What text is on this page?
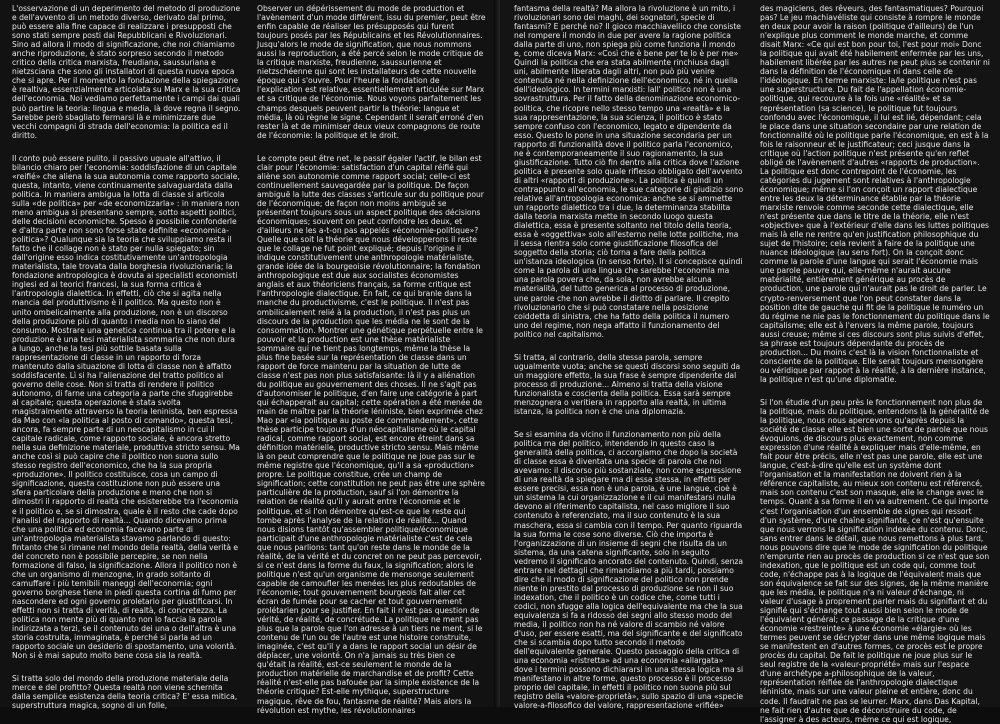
L'osservazione di un deperimento del metodo di produzione e dell'avvento di un metodo diverso, derivato dal primo, può essere alla fine capace di realizzare i presupposti che sono stati sempre posti dai Repubblicani e Rivoluzionari. Sino ad allora il modo di significazione, che noi chiamiamo anche riproduzione, è stato sorpreso secondo il metodo critico della critica marxista, freudiana, saussuriana e nietzsciana che sono gli installatori di questa nuova epoca che si apre. Per il momento la fondazione della spiegazione è realtiva, essenzialmente articolata su Marx e la sua critica dell'economia. Noi vediamo perfettamente i campi dai quali può partire la teoria: lingua e media, là dove regna il segno. Sarebbe però sbagliato fermarsi là e minimizzare due vecchi compagni di strada dell'economia: la politica ed il diritto.

Il conto può essere pulito, il passivo uguale all'attivo, il bilancio chiaro per l'economia: soddisfazione di un capitale «reifié» che aliena la sua autonomia come rapporto sociale, questa, intanto, viene continuamente salvaguardata dalla politica. In maniera ambigua la lotta di classe si articola sulla «de politica» per «de economizzarla» : in maniera non meno ambigua si presentano sempre, sotto aspetti politici, delle decisioni economiche. Spesso è possibile confonderle e d'altra parte non sono forse state definite «economica-politica»? Qualunque sia la teoria che sviluppiamo resta il fatto che il collage non è stato per nulla spiegato; sin dall'origine esso indica costitutivamente un'antropologia materialista, tale trovata dalla borghesia rivoluzionaria; la fondazione antropologica è dovuta ai specialisti economisti inglesi ed ai teorici francesi, la sua forma critica è l'antropologia dialettica. In effetti, ciò che si agita nella mancia del produttivismo è il politico. Ma questo non è unito ombelicalmente alla produzione, non è un discorso della produzione più di quanto i media non lo siano del consumo. Mostrare una genetica continua tra il potere e la produzione è una tesi materialista sommaria che non dura a lungo, anche la tesi più sottile basata sulla rappresentazione di classe in un rapporto di forza mantenuto dalla situazione di lotta di classe non è affatto soddisfacente. Lì si ha l'alienazione del tratto politico al governo delle cose. Non si tratta di rendere il politico autonomo, di farne una categoria a parte che sfuggirebbe al capitale; questa operazione è stata svolta magistralmente attraverso la teoria leninista, ben espressa da Mao con «la politica al posto di comando», questa tesi, ancora, fa sempre parte di un neocapitalismo in cui il capitale radicale, come rapporto sociale, è ancora stretto nella sua definizione materiale, produttiva stricto sensu. Ma anche così si può capire che il politico non suona sullo stesso registro dell'economico, che ha la sua propria «produzione». Il politico costituisce, cosa un campo di significazione, questa costituzione non può essere una sfera particolare della produzione e meno che non si dimostri il rapporto di realtà che esisterebbe tra l'economia e il politico e, se si dimostra, quale è il resto che cade dopo l'analisi del rapporto di realtà... Quando dicevamo prima che una politica ed economia facevano parte di un'antropologia materialista stavamo parlando di questo: fintanto che si rimane nel mondo della realtà, della verità e del concreto non è possibile percepire, se non nella formazione di falso, la significazione. Allora il politico non è che un organismo di menzogne, in grado soltanto di camuffare i più temibili maneggi dell'economia; ogni governo borghese tiene in piedi questa cortina di fumo per nascondere ed ogni governo proletario per giustificarsi. In effetti non si tratta di verità, di realtà, di concretezza. La politica non mente più di quanto non lo faccia la parola indirizzata a terzi, se il contenuto dei una o dell'altra è una storia costruita, immaginata, è perché si parla ad un rapporto sociale un desiderio di spostamento, una volontà. Non si è mai saputo molto bene cosa sia la realtà.

Si tratta solo del mondo della produzione materiale della merce e del profitto? Questa realtà non viene schernita dalla semplice esistenza della teoria critica? E' essa mitica, superstruttura magica, sogno di un folle,

Observer un dépérissement du mode de production et l'avènement d'un mode différent, issu du premier, peut être enfin capable de réaliser les présupposés qui furent toujours posés par les Républicains et les Révolutionnaires. Jusqu'alors le mode de signification, que nous nommons aussi la reproduction, a été percé selon le mode critique de la critique marxiste, freudienne, saussurienne et nietzschéenne qui sont les installateurs de cette nouvelle époque qui s'ouvre. Pour l'heure la fondation de l'explication est relative, essentiellement articulée sur Marx et sa critique de l'économie. Nous voyons parfaitement les champs desquels peuvent partir la théorie: langue et média, là où règne le signe. Cependant il serait erroné d'en rester là et de minimiser deux vieux compagnons de route de l'économie: la politique et le droit.

Le compte peut être net, le passif égaler l'actif, le bilan est clair pour l'économie: satisfaction d'un capital réifié qui aliène son autonomie comme rapport social; celle-ci est continuellement sauvegardée par la politique. De façon ambiguë la lutte des classes s'articule sur du politique pour de l'économique; de façon non moins ambiguë se présentent toujours sous un aspect politique des décisions économiques; souvent on peut confondre les deux, et d'ailleurs ne les a-t-on pas appelés «économie-politique»? Quelle que soit la théorie que nous développerons il reste que le collage ne fut point expliqué; depuis l'origine il indique constitutivement une anthropologie matérialiste, grande idée de la bourgeoisie révolutionnaire; la fondation anthropologique est due aux socialistes économistes anglais et aux théoriciens français, sa forme critique est l'anthropologie dialectique. En fait, ce qui branle dans la manche du productivisme, c'est le politique. Il n'est pas ombilicalement relié à la production, il n'est pas plus un discours de la production que les média ne le sont de la consommation. Montrer une génétique perpétuelle entre le pouvoir et la production est une thèse matérialiste sommaire qui ne tient pas longtemps, même la thèse la plus fine basée sur la représentation de classe dans un rapport de force maintenu par la situation de lutte de classe n'est pas non plus satisfaisante: là il y a aliénation du politique au gouvernement des choses. Il ne s'agit pas d'autonomiser le politique, d'en faire une catégorie à part qui échapperait au capital; cette opération a été menée de main de maître par la théorie léniniste, bien exprimée chez Mao par «la politique au poste de commandement», cette thèse participe toujours d'un néocapitalisme où le capital radical, comme rapport social, est encore étreint dans sa définition matérielle, productive stricto sensu. Mais même là on peut comprendre que le politique ne joue pas sur le même registre que l'économique, qu'il a sa «production» propre. Le politique constitue, crée un champ de signification; cette constitution ne peut pas être une sphère particulière de la production, sauf si l'on démontre la relation de réalité qu'il y aurait entre l'économie et le politique, et si l'on démontre qu'est-ce que le reste qui tombe après l'analyse de la relation de réalité... Quand nous disions tantôt qu'assembler politique/économique participait d'une anthropologie matérialiste c'est de cela que nous parlions: tant qu'on reste dans le monde de la réalité, de la vérité et du concret on ne peut pas percevoir, si ce n'est dans la forme du faux, la signification; alors le politique n'est qu'un organisme de mensonge seulement capable de camoufler les menées les plus redoutables de l'économie; tout gouvernement bourgeois fait aller cet écran de fumée pour se cacher et tout gouvernement prolétarien pour se justifier. En fait il n'est pas question de vérité, de réalité, de concrétude. La politique ne ment pas plus que la parole que l'on adresse à un tiers ne ment, si le contenu de l'un ou de l'autre est une histoire construite, imaginée, c'est qu'il y a dans le rapport social un désir de déplacer, une volonté. On n'a jamais su très bien ce qu'était la réalité, est-ce seulement le monde de la production matérielle de marchandise et de profit? Cette réalité n'est-elle pas bafouée par la simple existence de la théorie critique? Est-elle mythique, superstructure magique, rêve de fou, fantasme de réalité? Mais alors la révolution est mythe, les révolutionnaires

fantasma della realtà? Ma allora la rivoluzione è un mito, i rivoluzionari sono dei maghi, dei sognatori, specie di fantasmi? E perché no? Il gioco macchiavellico che consiste nel rompere il mondo in due per avere la ragione politica dalla parte di uno, non spiega più come funziona il mondo e, come diceva Marx: «Così che è bene per te lo è per me» Quindi la politica che era stata abilmente rinchiusa dagli uni, abilmente liberata dagli altri, non può più venire contenuta né nella definizione dell'economico, né in quella dell'ideologico. In termini marxisti: lall' politico non è una sovrastruttura. Per il fatto della denominazione economico-politica, che ricopre nello stesso tempo una «realtà» e la sua rappresentazione, la sua scienza, il politico è stato sempre confuso con l'economico, legato e dipendente da esso. Questo lo pone in una situazione secondaria per un rapporto di funzionalità dove il politico parla l'economico, ne è contemporaneamente il suo ragionamento, la sua giustificazione. Tutto ciò fin dentro alla critica dove l'azione politica è presente solo quale riflesso obbligato dell'avvento di altri «rapporti di produzione». La politica è quindi un contrappunto all'economia, le sue categorie di giudizio sono relative all'antropologia economica: anche se si ammette un rapporto dialettico tra i due, la determinanza stabilita dalla teoria marxista mette in secondo luogo questa dialettica, essa è presente soltanto nel titolo della teoria, essa è «oggettiva» solo all'esterno nelle lotte politiche, ma il sessa rientra solo come giustificazione filosofica del soggetto della storia; ciò torna a fare della politica un'istanza ideologica (in senso forte). Il si concepisce quindi come la parola di una lingua che sarebbe l'economia ma una parola povera che, da sola, non avrebbe alcuna materialità, del tutto generica al processo di produzione, une parole che non avrebbe il diritto di parlare. Il crepito rivoluzionario che si può constatare nella posizione coiddetta di sinistra, che ha fatto della politica il numero uno del regime, non nega affatto il funzionamento del politico nel capitalismo.

Si tratta, al contrario, della stessa parola, sempre ugualmente vuota; anche se questi discorsi sono seguiti da un maggiore effetto, la sua frase è sempre dipendente dal processo di produzione... Almeno si tratta della visione funzionalista e coscienta della politica. Essa sarà sempre menzognera o veritiera in rapporto alla realtà, in ultima istanza, la politica non è che una diplomazia.

Se si esamina da vicino il funzionamento non più della politica ma del politico, intendendo in questo caso la generalità della politica, ci accorgiamo che dopo la società di classe essa è diventata una specie di parola che noi avevamo: il discorso più sostanziale, non come espressione di una realtà da spiegare ma di essa stessa, in effetti per essere precisi, essa non è una parola, è une langue, cioè è un sistema la cui organizzazione e il cui manifestarsi nulla devono al riferimento capitalista, nel caso migliore il suo contenuto è referenziato, ma il suo contenuto è la sua maschera, essa si cambia con il tempo. Per quanto riguarda la sua forma le cose sono diverse. Ciò che importa è l'organizzazione di un insieme di segni che risulta da un sistema, da una catena significante, solo in seguito vedremo il significato ancorato del contenuto. Quindi, senza entrare nel dettagli che rimandiamo a più tardi, possiamo dire che il modo di significazione del politico non prende niente in prestito dal processo di produzione se non il suo indexation, che il politico è un codice che, come tutti i codici, non sfugge alla logica dell'equivalente ma che la sua equivalenza si fa a ridosso dei segni allo stesso modo del media, il politico non ha né valore di scambio né valore d'uso, per essere esatti, ma del significante e del significato che si scambia dopo tutto secondo il metodo dell'equivalente generale. Questo passaggio della critica di una economia «ristretta» ad una economia «allargata» dove i termini possono dichiararsi in una stessa logica ma si manifestano in altre forme, questo processo è il processo proprio del capitale, in effetti il politico non suona più sul registro della «valore-proprietà», sullo spazio di una «specie valore-a-filosofico del valore, rappresentazione «rifiée»

des magiciens, des rêveurs, des fantasmatiques? Pourquoi pas? Le jeu machiavéliste qui consiste à rompre le monde en deux pour avoir la raison (politique d'ailleurs) de l'un n'explique plus comment le monde marche, et comme disait Marx: «Ce qui est bon pour toi, l'est pour moi» Donc la politique qui avait été habilement enfermée par les uns, habilement libérée par les autres ne peut plus se contenir ni dans la définition de l'économique ni dans celle de l'idéologique. En terme marxiste: la/le politique n'est pas une superstructure. Du fait de l'appellation économie-politique, qui recouvre à la fois une «réalité» et sa représentation (sa science), le politique fut toujours confondu avec l'économique, il lui est lié, dépendant; cela le place dans une situation secondaire par une relation de fonctionnalité où le politique parle l'économique, en est à la fois le raisonneur et le justificateur; ceci jusque dans la critique où l'action politique n'est présente qu'en reflet obligé de l'avènement d'autres «rapports de production». La politique est donc contrepoint de l'économie, les catégories du jugement sont relatives à l'anthropologie économique; même si l'on conçoit un rapport dialectique entre les deux la déterminance établie par la théorie marxiste renvoie comme seconde cette dialectique, elle n'est présente que dans le titre de la théorie, elle n'est «objective» que à l'extérieur d'elle dans les luttes politiques mais là elle ne rentre qu'en justification philosophique du sujet de l'histoire; cela revient à faire de la politique une nuance idéologique (au sens fort). On la conçoit donc comme la parole d'une langue qui serait l'économie mais une parole pauvre qui, elle-même n'aurait aucune matérialité, entièrement générique au procès de production, une parole qui n'aurait pas le droit de parler. Le crypto-renversement que l'on peut constater dans la position dite de gauche qui fit de la politique le numéro un du régime ne nie pas le fonctionnement du politique dans le capitalisme; elle est à l'envers la même parole, toujours aussi creuse; même si ces discours sont plus suivis d'effet, sa phrase est toujours dépendante du procès de production... Du moins c'est là la vision fonctionnaliste et consciente de la politique. Elle serait toujours mensongère ou véridique par rapport à la réalité, à la dernière instance, la politique n'est qu'une diplomatie.

Si l'on étudie d'un peu près le fonctionnement non plus de la politique, mais du politique, entendons là la généralité de la politique, nous nous apercevons qu'après depuis la société de classe elle est bien une sorte de parole que nous évoquions, de discours plus exactement, non comme expression d'une réalité à expliquer mais d'elle-même, en fait pour être précis, elle n'est pas une parole, elle est une langue, c'est-à-dire qu'elle est un système dont l'organisation et la manifestation ne doivent rien à la référence capitaliste, au mieux son contenu est référencé, mais son contenu c'est son masque, elle le change avec le temps. Quant à sa forme il en va autrement. Ce qui importe c'est l'organisation d'un ensemble de signes qui ressort d'un système, d'une chaîne signifiante, ce n'est qu'ensuite que nous verrons la signification indexée du contenu. Donc, sans entrer dans le détail, que nous remettons à plus tard, nous pouvons dire que le mode de signification du politique n'emprunte rien au procès de production si ce n'est que son indexation, que le politique est un code qui, comme tout code, n'échappe pas à la logique de l'équivalent mais que son équivalence se fait sur des signes, de la même manière que les média, le politique n'a ni valeur d'échange, ni valeur d'usage à proprement parler mais du signifiant et du signifié qui s'échange tout aussi bien selon le mode de l'équivalent général; ce passage de la critique d'une économie «restreinte» à une économie «élargie» où les termes peuvent se décrypter dans une même logique mais se manifestent en d'autres formes, ce procès est le propre procès du capital. De fait le politique ne joue plus sur le seul registre de la «valeur-propriété» mais sur l'espace d'une archétype a-philosophique de la valeur, représentation réifiée de l'anthropologie dialectique léniniste, mais sur une valeur pleine et entière, donc du code. Il faudrait ne pas se leurrer. Marx, dans Das Kapital, ne fait rien d'autre que de déconstruire du code, de l'assigner à des acteurs, même ce qui est logique,
